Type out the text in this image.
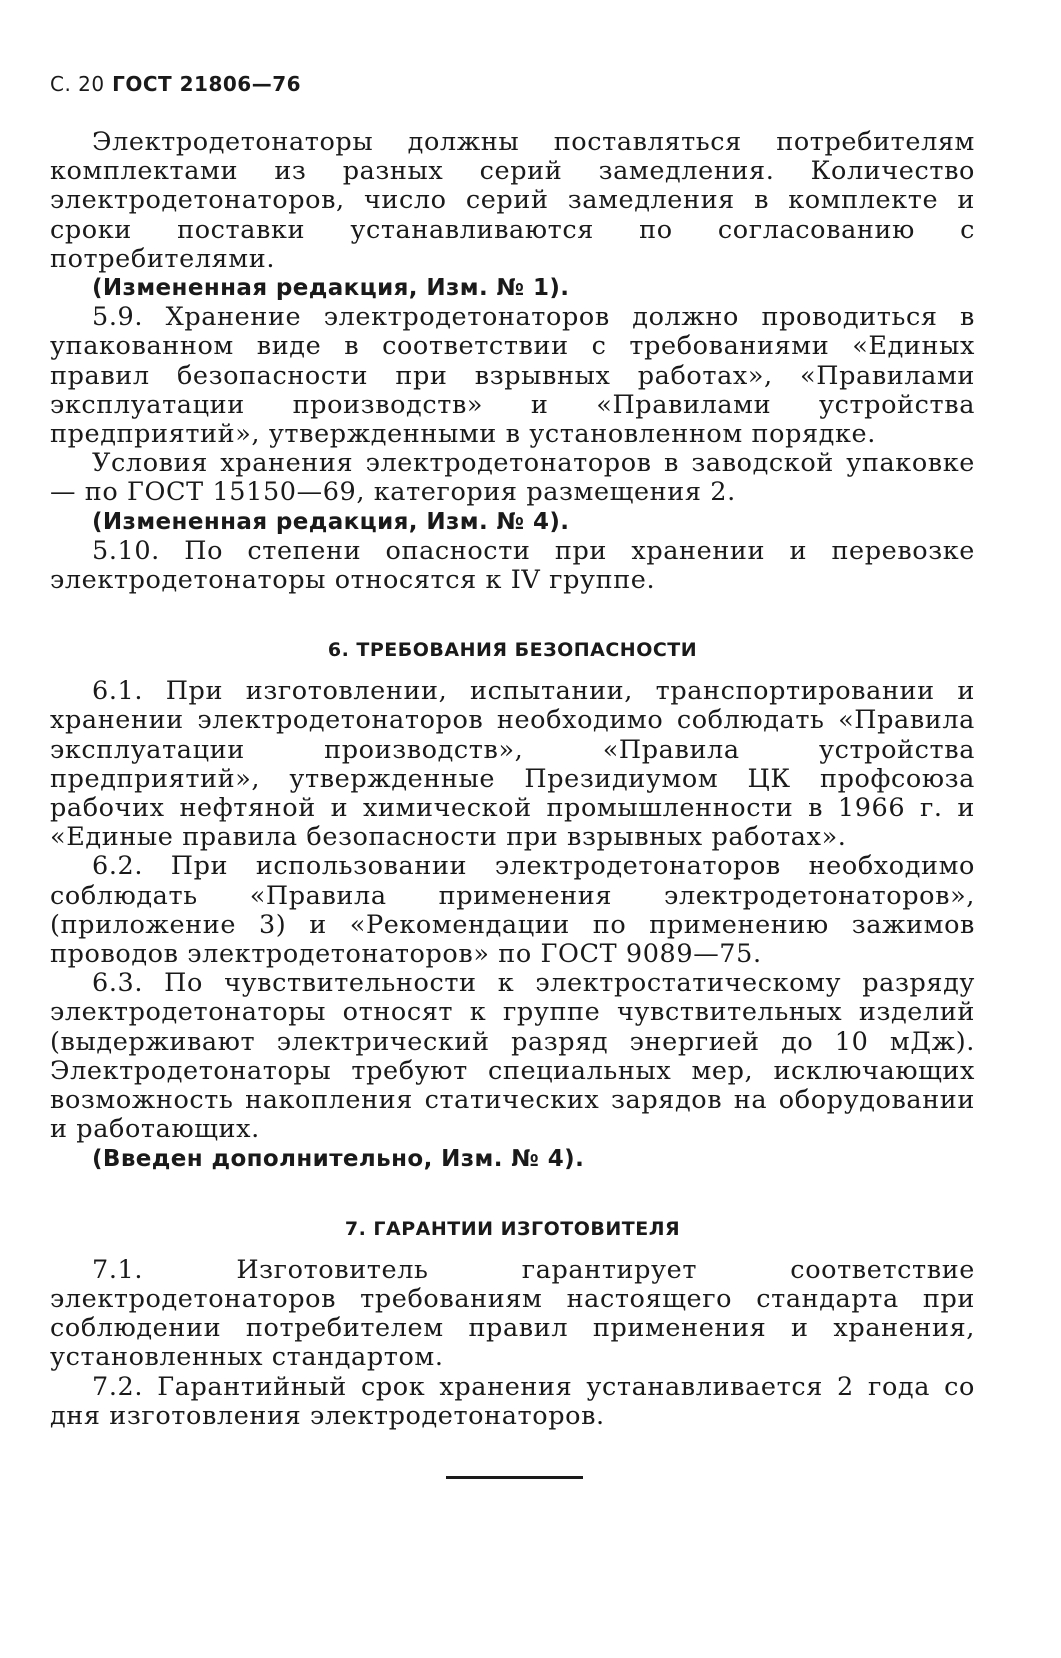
С. 20 ГОСТ 21806—76

Электродетонаторы должны поставляться потребителям комплектами из разных серий замедления. Количество электродетонаторов, число серий замедления в комплекте и сроки поставки устанавливаются по согласованию с потребителями.

(Измененная редакция, Изм. № 1).

5.9. Хранение электродетонаторов должно проводиться в упакованном виде в соответствии с требованиями «Единых правил безопасности при взрывных работах», «Правилами эксплуатации производств» и «Правилами устройства предприятий», утвержденными в установленном порядке.

Условия хранения электродетонаторов в заводской упаковке— по ГОСТ 15150—69, категория размещения 2.

(Измененная редакция, Изм. № 4).

5.10. По степени опасности при хранении и перевозке электродетонаторы относятся к IV группе.

6. ТРЕБОВАНИЯ БЕЗОПАСНОСТИ

6.1. При изготовлении, испытании, транспортировании и хранении электродетонаторов необходимо соблюдать «Правила эксплуатации производств», «Правила устройства предприятий», утвержденные Президиумом ЦК профсоюза рабочих нефтяной и химической промышленности в 1966 г. и «Единые правила безопасности при взрывных работах».

6.2. При использовании электродетонаторов необходимо соблюдать «Правила применения электродетонаторов», (приложение 3) и «Рекомендации по применению зажимов проводов электродетонаторов» по ГОСТ 9089—75.

6.3. По чувствительности к электростатическому разряду электродетонаторы относят к группе чувствительных изделий (выдерживают электрический разряд энергией до 10 мДж). Электродетонаторы требуют специальных мер, исключающих возможность накопления статических зарядов на оборудовании и работающих.

(Введен дополнительно, Изм. № 4).

7. ГАРАНТИИ ИЗГОТОВИТЕЛЯ

7.1. Изготовитель гарантирует соответствие электродетонаторов требованиям настоящего стандарта при соблюдении потребителем правил применения и хранения, установленных стандартом.

7.2. Гарантийный срок хранения устанавливается 2 года со дня изготовления электродетонаторов.
